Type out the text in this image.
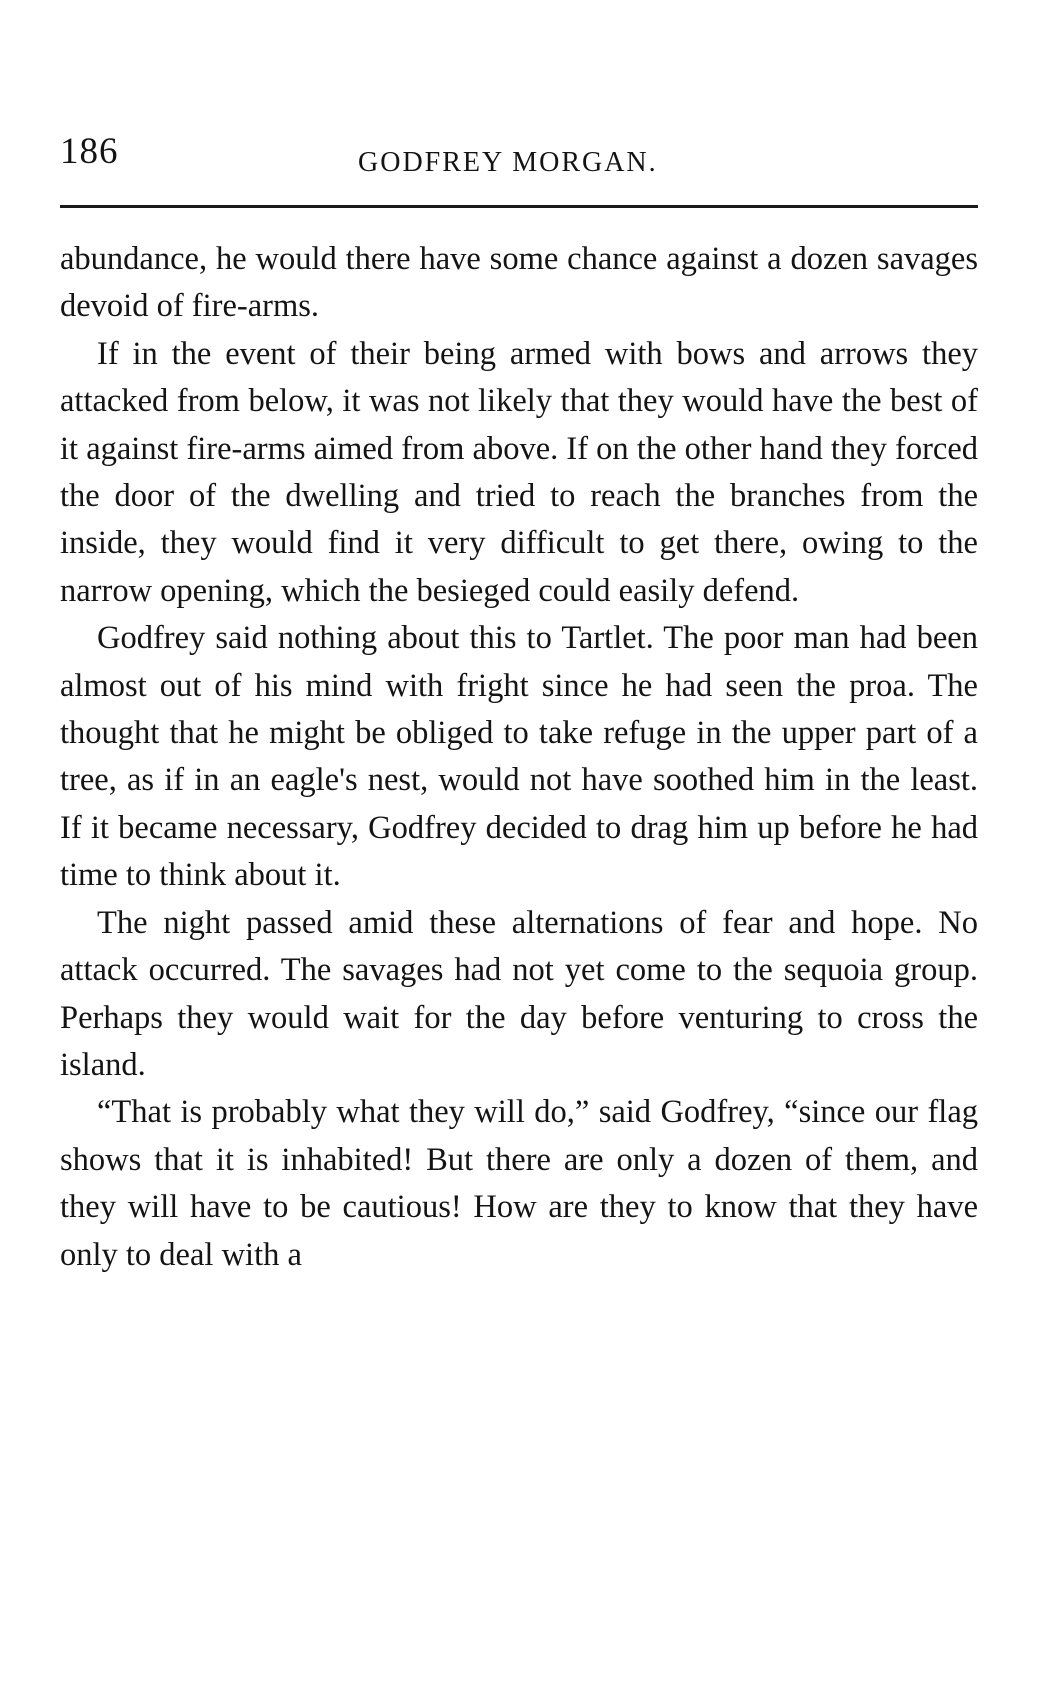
186	GODFREY MORGAN.

abundance, he would there have some chance against a dozen savages devoid of fire-arms.

If in the event of their being armed with bows and arrows they attacked from below, it was not likely that they would have the best of it against fire-arms aimed from above. If on the other hand they forced the door of the dwelling and tried to reach the branches from the inside, they would find it very difficult to get there, owing to the narrow opening, which the besieged could easily defend.

Godfrey said nothing about this to Tartlet. The poor man had been almost out of his mind with fright since he had seen the proa. The thought that he might be obliged to take refuge in the upper part of a tree, as if in an eagle's nest, would not have soothed him in the least. If it became necessary, Godfrey decided to drag him up before he had time to think about it.

The night passed amid these alternations of fear and hope. No attack occurred. The savages had not yet come to the sequoia group. Perhaps they would wait for the day before venturing to cross the island.

“That is probably what they will do,” said Godfrey, “since our flag shows that it is inhabited! But there are only a dozen of them, and they will have to be cautious! How are they to know that they have only to deal with a
